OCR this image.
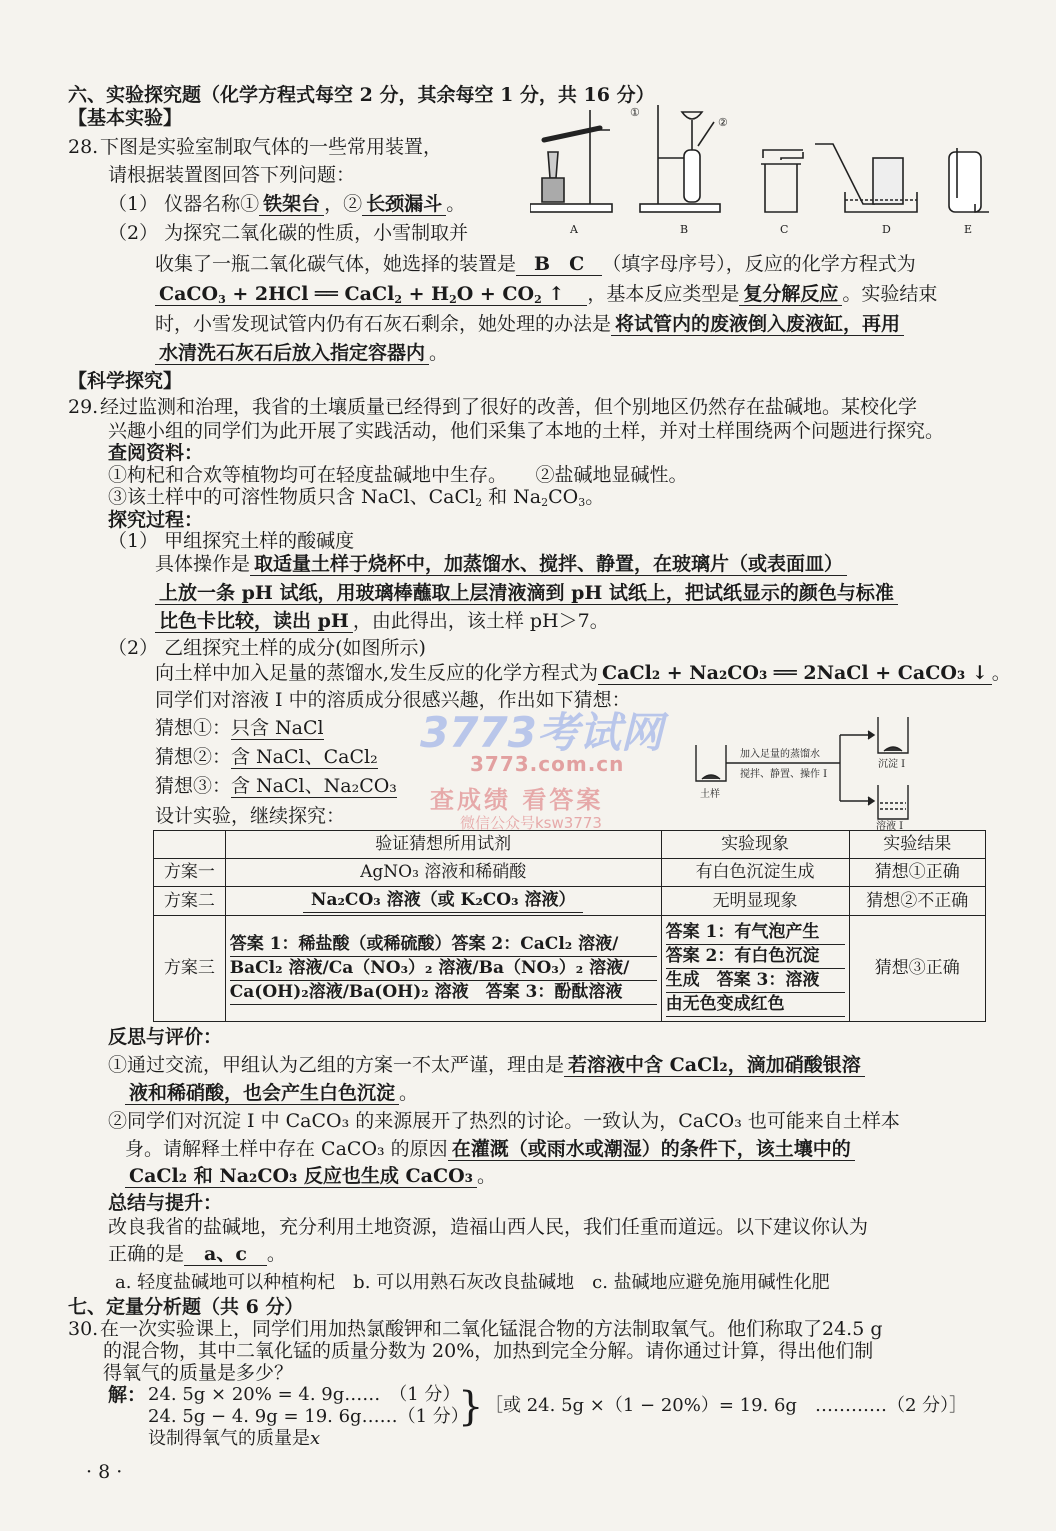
3773考试网
3773.com.cn
查成绩 看答案
微信公众号ksw3773
六、实验探究题（化学方程式每空 2 分，其余每空 1 分，共 16 分）
【基本实验】
28.下图是实验室制取气体的一些常用装置，
请根据装置图回答下列问题：
（1） 仪器名称① 铁架台 ，② 长颈漏斗 。
（2） 为探究二氧化碳的性质，小雪制取并
收集了一瓶二氧化碳气体，她选择的装置是 B　C （填字母序号），反应的化学方程式为
CaCO$_3$ + 2HCl ══ CaCl$_2$ + $H_2O + CO_2$ ↑　 ，基本反应类型是 复分解反应 。实验结束
时，小雪发现试管内仍有石灰石剩余，她处理的办法是 将试管内的废液倒入废液缸，再用
水清洗石灰石后放入指定容器内 。
①
②
A	B	C	D	E
【科学探究】
29.经过监测和治理，我省的土壤质量已经得到了很好的改善，但个别地区仍然存在盐碱地。某校化学
兴趣小组的同学们为此开展了实践活动，他们采集了本地的土样，并对土样围绕两个问题进行探究。
查阅资料：
①枸杞和合欢等植物均可在轻度盐碱地中生存。　　②盐碱地显碱性。
③该土样中的可溶性物质只含 NaCl、CaCl$_2$ 和 $Na_2CO_3$。
探究过程：
（1） 甲组探究土样的酸碱度
具体操作是 取适量土样于烧杯中，加蒸馏水、搅拌、静置，在玻璃片（或表面皿）
上放一条 pH 试纸，用玻璃棒蘸取上层清液滴到 pH 试纸上，把试纸显示的颜色与标准
比色卡比较，读出 pH ，由此得出，该土样 pH＞7。
（2） 乙组探究土样的成分(如图所示)
向土样中加入足量的蒸馏水,发生反应的化学方程式为 CaCl₂ + Na₂CO₃ ══ 2NaCl + CaCO₃ ↓ 。
同学们对溶液 I 中的溶质成分很感兴趣，作出如下猜想：
猜想①：只含 NaCl
猜想②：含 NaCl、CaCl₂
猜想③：含 NaCl、Na₂CO₃
设计实验，继续探究：
加入足量的蒸馏水
搅拌、静置、操作 I
土样
沉淀 I
溶液 I
	验证猜想所用试剂	实验现象	实验结果
方案一	AgNO₃ 溶液和稀硝酸	有白色沉淀生成	猜想①正确
方案二	Na₂CO₃ 溶液（或 K₂CO₃ 溶液）	无明显现象	猜想②不正确
方案三	答案 1：稀盐酸（或稀硫酸）答案 2：CaCl₂ 溶液/
BaCl₂ 溶液/Ca（NO₃）₂ 溶液/Ba（NO₃）₂ 溶液/
Ca(OH)₂溶液/Ba(OH)₂ 溶液　答案 3：酚酞溶液	答案 1：有气泡产生
答案 2：有白色沉淀
生成　答案 3：溶液
由无色变成红色	猜想③正确
反思与评价：
①通过交流，甲组认为乙组的方案一不太严谨，理由是 若溶液中含 CaCl₂，滴加硝酸银溶
液和稀硝酸，也会产生白色沉淀 。
②同学们对沉淀 I 中 CaCO₃ 的来源展开了热烈的讨论。一致认为，CaCO₃ 也可能来自土样本
身。请解释土样中存在 CaCO₃ 的原因 在灌溉（或雨水或潮湿）的条件下，该土壤中的
CaCl₂ 和 Na₂CO₃ 反应也生成 CaCO₃ 。
总结与提升：
改良我省的盐碱地，充分利用土地资源，造福山西人民，我们任重而道远。以下建议你认为
正确的是 a、c 。
a. 轻度盐碱地可以种植枸杞　b. 可以用熟石灰改良盐碱地　c. 盐碱地应避免施用碱性化肥
七、定量分析题（共 6 分）
30.在一次实验课上，同学们用加热氯酸钾和二氧化锰混合物的方法制取氧气。他们称取了24.5 g
的混合物，其中二氧化锰的质量分数为 20%，加热到完全分解。请你通过计算，得出他们制
得氧气的质量是多少？
解： 24. 5g × 20% = 4. 9g……　（1 分）
24. 5g − 4. 9g = 19. 6g……（1 分）
} ［或 24. 5g ×（1 − 20%）= 19. 6g　…………（2 分）］
设制得氧气的质量是x
· 8 ·
